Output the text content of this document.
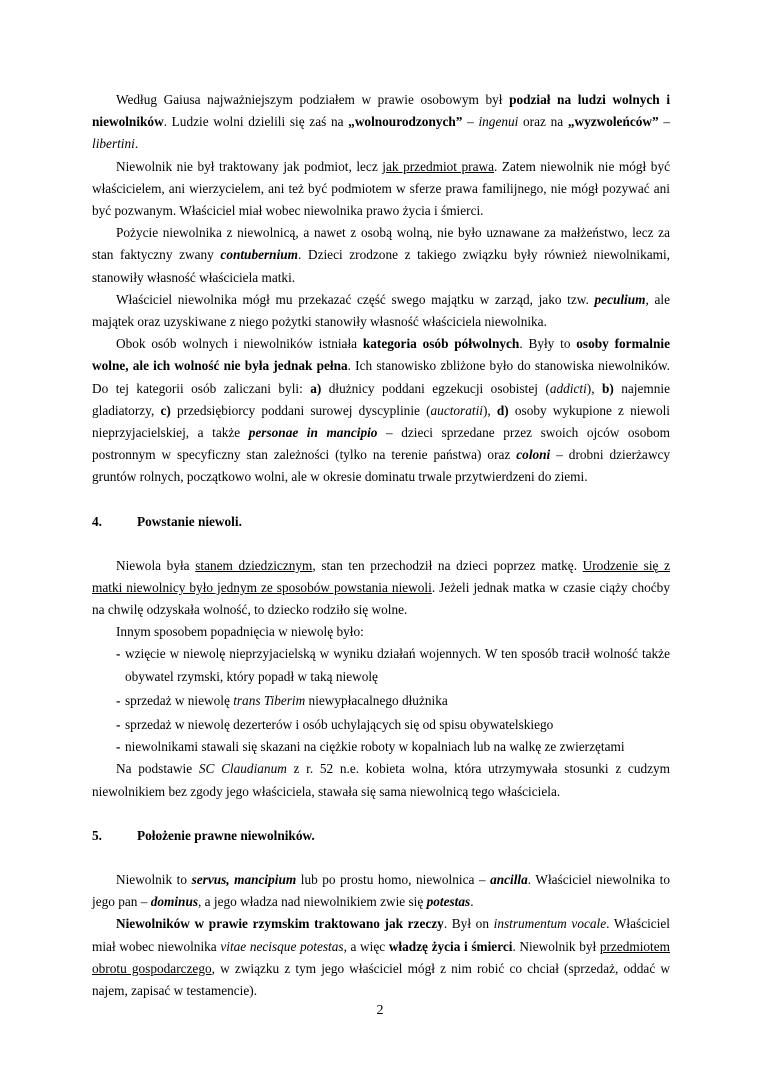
Według Gaiusa najważniejszym podziałem w prawie osobowym był podział na ludzi wolnych i niewolników. Ludzie wolni dzielili się zaś na „wolnourodzonych” – ingenui oraz na „wyzwoleńców” – libertini.

Niewolnik nie był traktowany jak podmiot, lecz jak przedmiot prawa. Zatem niewolnik nie mógł być właścicielem, ani wierzycielem, ani też być podmiotem w sferze prawa familijnego, nie mógł pozywać ani być pozwanym. Właściciel miał wobec niewolnika prawo życia i śmierci.

Pożycie niewolnika z niewolnicą, a nawet z osobą wolną, nie było uznawane za małżeństwo, lecz za stan faktyczny zwany contubernium. Dzieci zrodzone z takiego związku były również niewolnikami, stanowiły własność właściciela matki.

Właściciel niewolnika mógł mu przekazać część swego majątku w zarząd, jako tzw. peculium, ale majątek oraz uzyskiwane z niego pożytki stanowiły własność właściciela niewolnika.

Obok osób wolnych i niewolników istniała kategoria osób półwolnych. Były to osoby formalnie wolne, ale ich wolność nie była jednak pełna. Ich stanowisko zbliżone było do stanowiska niewolników. Do tej kategorii osób zaliczani byli: a) dłużnicy poddani egzekucji osobistej (addicti), b) najemnie gladiatorzy, c) przedsiębiorcy poddani surowej dyscyplinie (auctoratii), d) osoby wykupione z niewoli nieprzyjacielskiej, a także personae in mancipio – dzieci sprzedane przez swoich ojców osobom postronnym w specyficzny stan zależności (tylko na terenie państwa) oraz coloni – drobni dzierżawcy gruntów rolnych, początkowo wolni, ale w okresie dominatu trwale przytwierdzeni do ziemi.

4.	Powstanie niewoli.

Niewola była stanem dziedzicznym, stan ten przechodził na dzieci poprzez matkę. Urodzenie się z matki niewolnicy było jednym ze sposobów powstania niewoli. Jeżeli jednak matka w czasie ciąży choćby na chwilę odzyskała wolność, to dziecko rodziło się wolne.

Innym sposobem popadnięcia w niewolę było:

- wzięcie w niewolę nieprzyjacielską w wyniku działań wojennych. W ten sposób tracił wolność także obywatel rzymski, który popadł w taką niewolę
- sprzedaż w niewolę trans Tiberim niewypłacalnego dłużnika
- sprzedaż w niewolę dezerterów i osób uchylających się od spisu obywatelskiego
- niewolnikami stawali się skazani na ciężkie roboty w kopalniach lub na walkę ze zwierzętami

Na podstawie SC Claudianum z r. 52 n.e. kobieta wolna, która utrzymywała stosunki z cudzym niewolnikiem bez zgody jego właściciela, stawała się sama niewolnicą tego właściciela.

5.	Położenie prawne niewolników.

Niewolnik to servus, mancipium lub po prostu homo, niewolnica – ancilla. Właściciel niewolnika to jego pan – dominus, a jego władza nad niewolnikiem zwie się potestas.

Niewolników w prawie rzymskim traktowano jak rzeczy. Był on instrumentum vocale. Właściciel miał wobec niewolnika vitae necisque potestas, a więc władzę życia i śmierci. Niewolnik był przedmiotem obrotu gospodarczego, w związku z tym jego właściciel mógł z nim robić co chciał (sprzedaż, oddać w najem, zapisać w testamencie).

2
